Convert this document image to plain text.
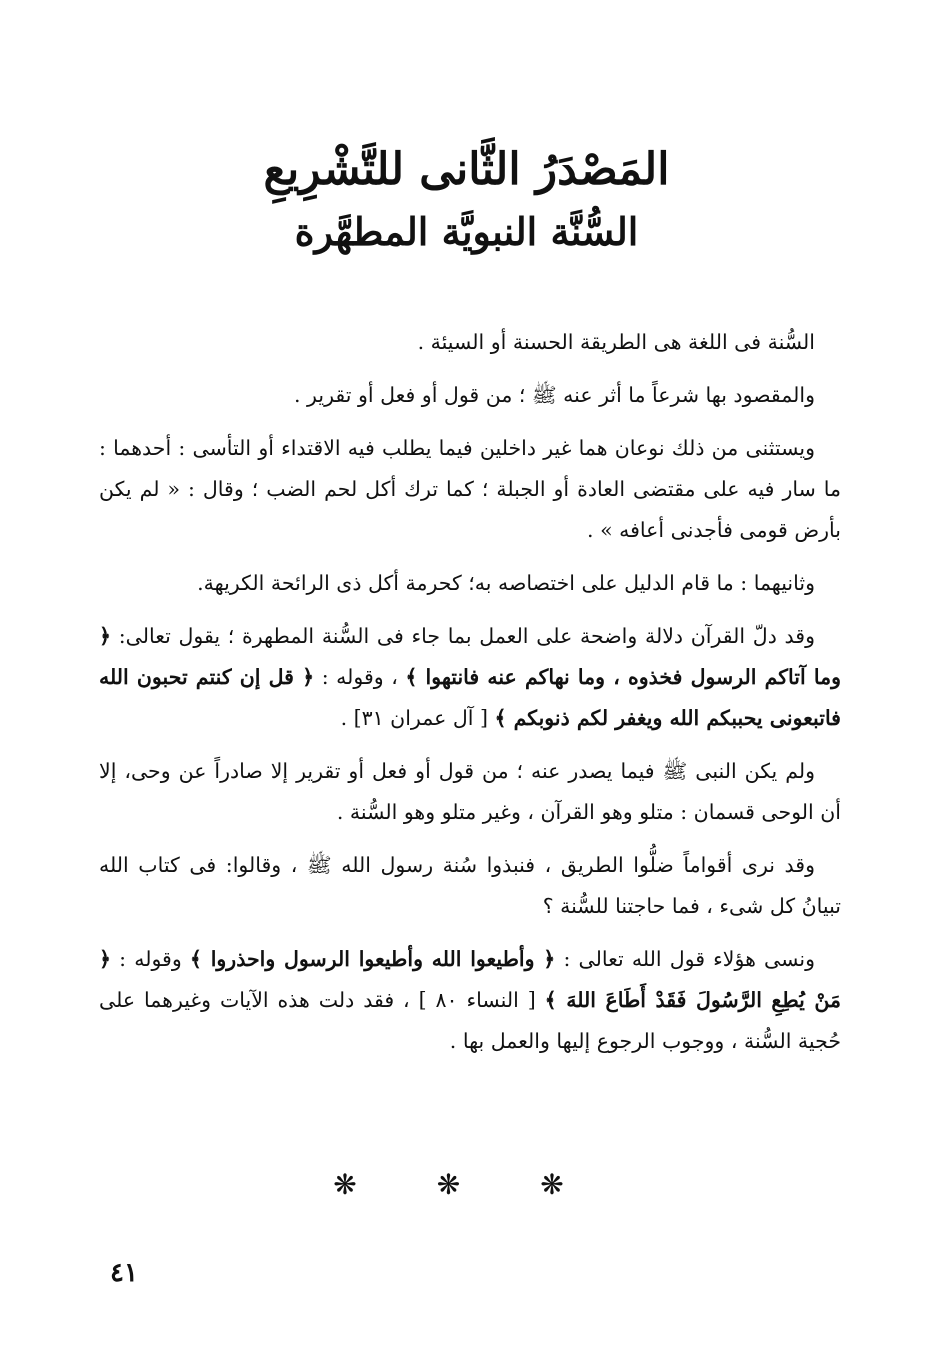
المَصْدَرُ الثَّانى للتَّشْرِيعِ
السُّنَّة النبويَّة المطهَّرة

السُّنة فى اللغة هى الطريقة الحسنة أو السيئة .

والمقصود بها شرعاً ما أثر عنه ﷺ ؛ من قول أو فعل أو تقرير .

ويستثنى من ذلك نوعان هما غير داخلين فيما يطلب فيه الاقتداء أو التأسى : أحدهما : ما سار فيه على مقتضى العادة أو الجبلة ؛ كما ترك أكل لحم الضب ؛ وقال : « لم يكن بأرض قومى فأجدنى أعافه » .

وثانيهما : ما قام الدليل على اختصاصه به؛ كحرمة أكل ذى الرائحة الكريهة.

وقد دلّ القرآن دلالة واضحة على العمل بما جاء فى السُّنة المطهرة ؛ يقول تعالى: ﴿ وما آتاكم الرسول فخذوه ، وما نهاكم عنه فانتهوا ﴾ ، وقوله : ﴿ قل إن كنتم تحبون الله فاتبعونى يحببكم الله ويغفر لكم ذنوبكم ﴾ [ آل عمران ٣١] .

ولم يكن النبى ﷺ فيما يصدر عنه ؛ من قول أو فعل أو تقرير إلا صادراً عن وحى، إلا أن الوحى قسمان : متلو وهو القرآن ، وغير متلو وهو السُّنة .

وقد نرى أقواماً ضلُّوا الطريق ، فنبذوا سُنة رسول الله ﷺ ، وقالوا: فى كتاب الله تبيانُ كل شىء ، فما حاجتنا للسُّنة ؟

ونسى هؤلاء قول الله تعالى : ﴿ وأطيعوا الله وأطيعوا الرسول واحذروا ﴾ وقوله : ﴿ مَنْ يُطِعِ الرَّسُولَ فَقَدْ أَطَاعَ اللهَ ﴾ [ النساء ٨٠ ] ، فقد دلت هذه الآيات وغيرهما على حُجية السُّنة ، ووجوب الرجوع إليها والعمل بها .

❋❋❋
٤١
